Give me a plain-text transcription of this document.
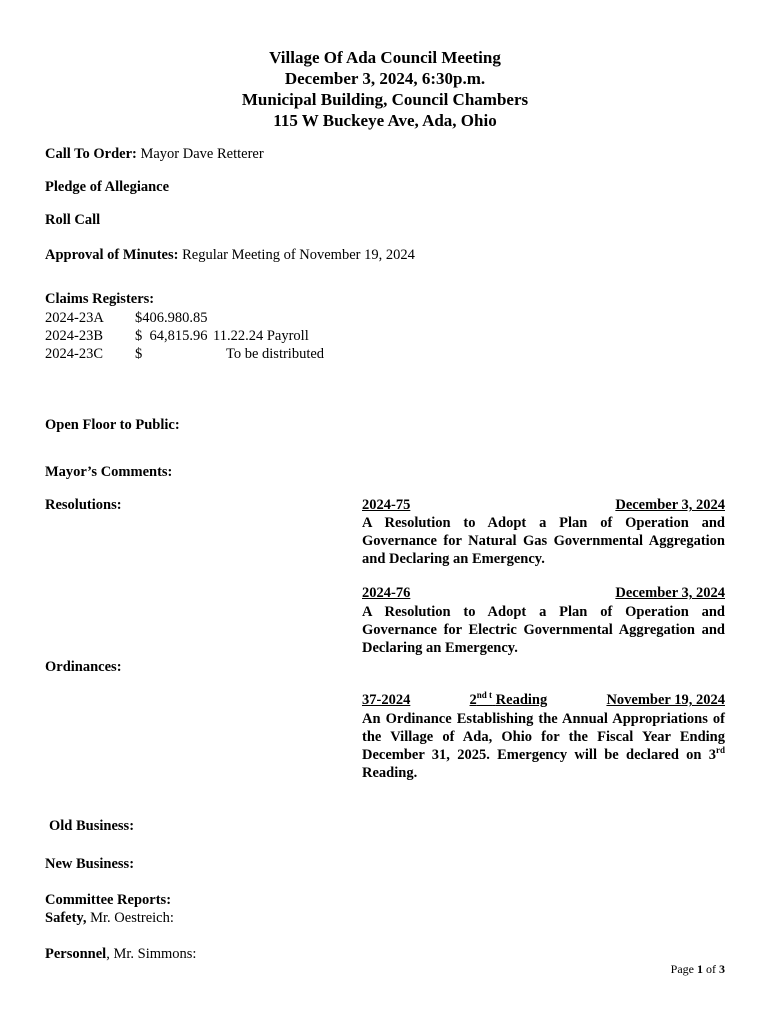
Village Of Ada Council Meeting
December 3, 2024, 6:30p.m.
Municipal Building, Council Chambers
115 W Buckeye Ave, Ada, Ohio
Call To Order: Mayor Dave Retterer
Pledge of Allegiance
Roll Call
Approval of Minutes: Regular Meeting of November 19, 2024
Claims Registers:
2024-23A $406.980.85
2024-23B $  64,815.96 11.22.24 Payroll
2024-23C $	To be distributed
Open Floor to Public:
Mayor’s Comments:
Resolutions:	2024-75	December 3, 2024
A Resolution to Adopt a Plan of Operation and Governance for Natural Gas Governmental Aggregation and Declaring an Emergency.
2024-76	December 3, 2024
A Resolution to Adopt a Plan of Operation and Governance for Electric Governmental Aggregation and Declaring an Emergency.
Ordinances:
37-2024	$2^{nd t}$ Reading	November 19, 2024
An Ordinance Establishing the Annual Appropriations of the Village of Ada, Ohio for the Fiscal Year Ending December 31, 2025. Emergency will be declared on 3rd Reading.
Old Business:
New Business:
Committee Reports:
Safety, Mr. Oestreich:
Personnel, Mr. Simmons:
Page 1 of 3
